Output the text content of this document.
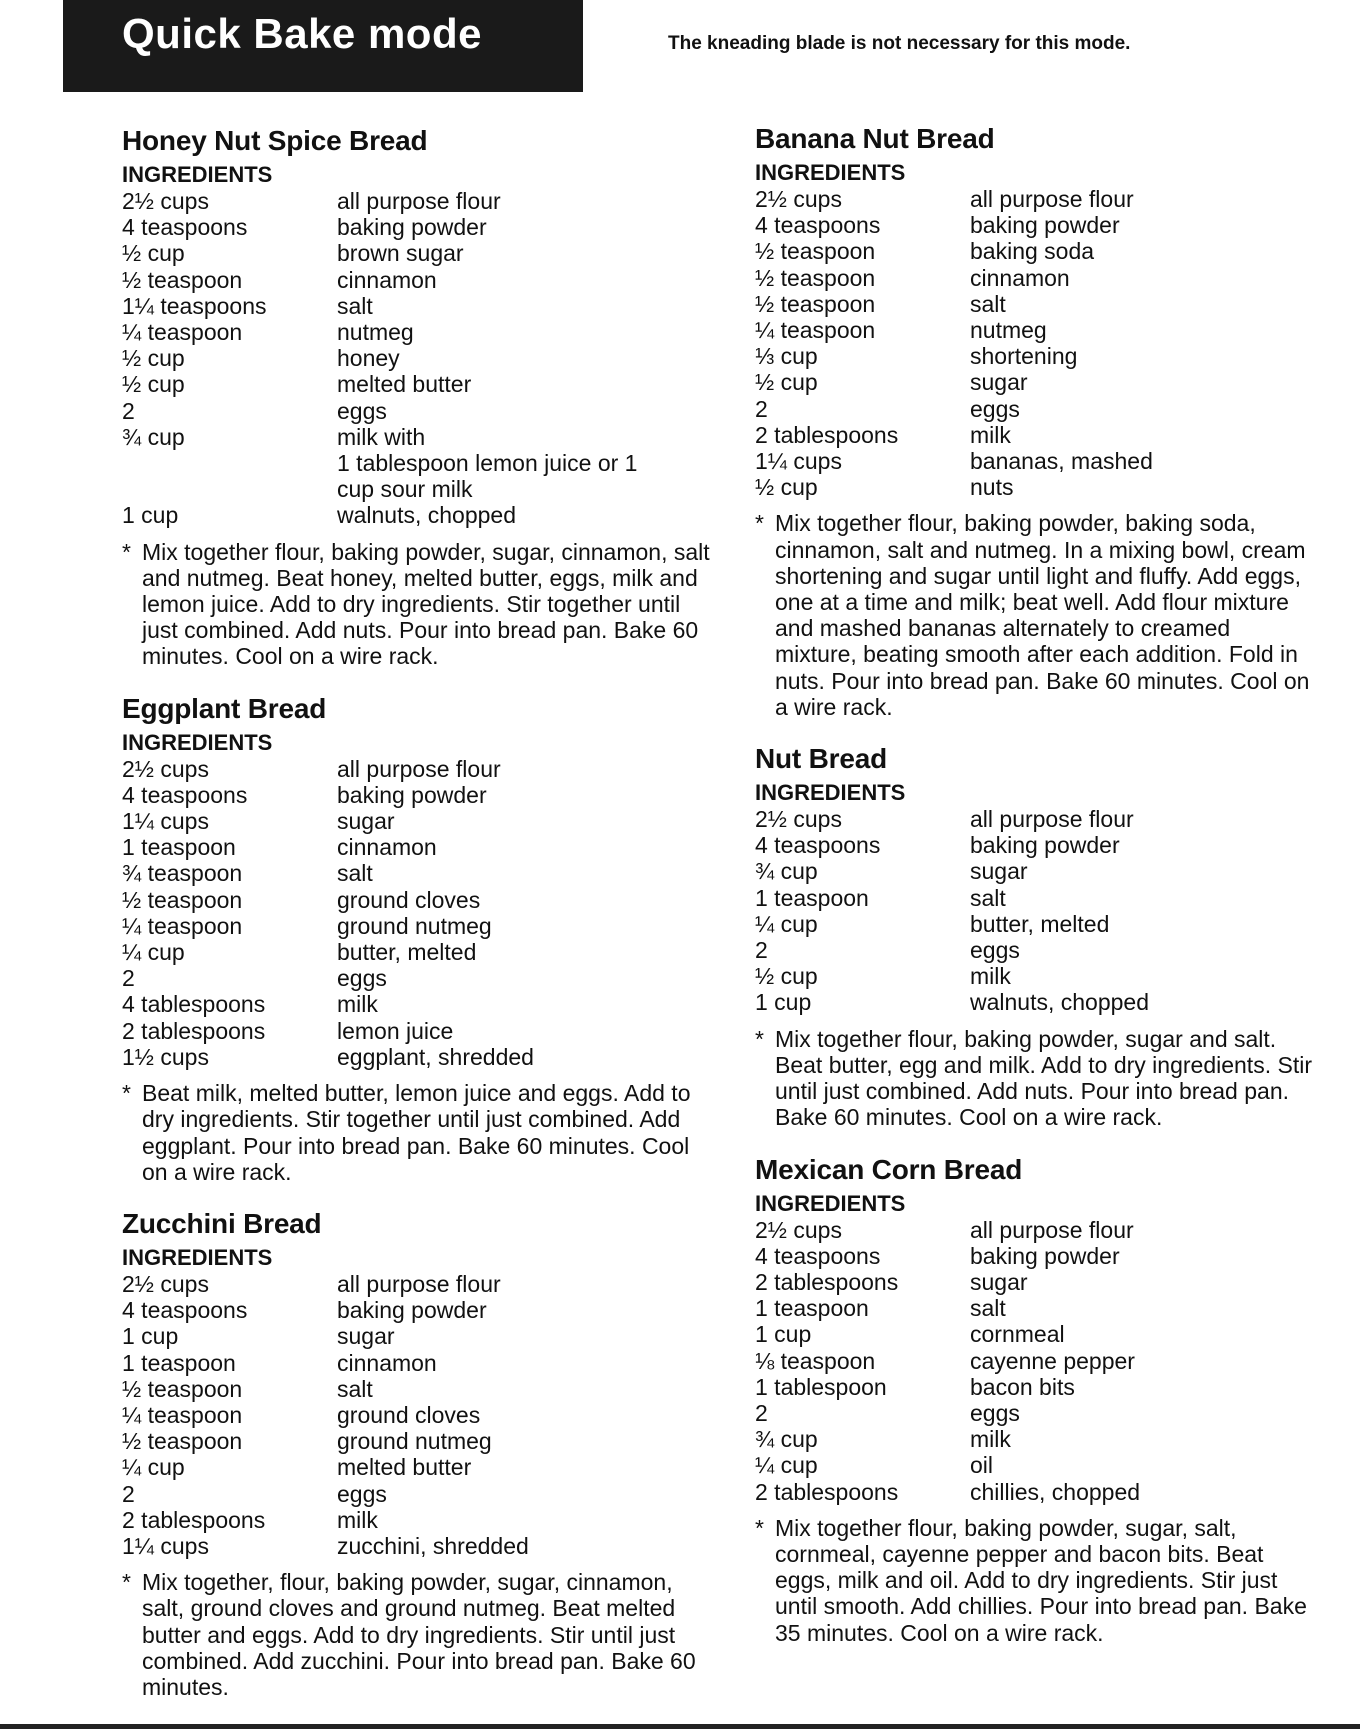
Quick Bake mode	The kneading blade is not necessary for this mode.
Honey Nut Spice Bread
INGREDIENTS
2½ cups	all purpose flour
4 teaspoons	baking powder
½ cup	brown sugar
½ teaspoon	cinnamon
1¼ teaspoons	salt
¼ teaspoon	nutmeg
½ cup	honey
½ cup	melted butter
2	eggs
¾ cup	milk with
1 tablespoon lemon juice or 1
cup sour milk
1 cup	walnuts, chopped
* Mix together flour, baking powder, sugar, cinnamon, salt and nutmeg. Beat honey, melted butter, eggs, milk and lemon juice. Add to dry ingredients. Stir together until just combined. Add nuts. Pour into bread pan. Bake 60 minutes. Cool on a wire rack.
Eggplant Bread
INGREDIENTS
2½ cups	all purpose flour
4 teaspoons	baking powder
1¼ cups	sugar
1 teaspoon	cinnamon
¾ teaspoon	salt
½ teaspoon	ground cloves
¼ teaspoon	ground nutmeg
¼ cup	butter, melted
2	eggs
4 tablespoons	milk
2 tablespoons	lemon juice
1½ cups	eggplant, shredded
* Beat milk, melted butter, lemon juice and eggs. Add to dry ingredients. Stir together until just combined. Add eggplant. Pour into bread pan. Bake 60 minutes. Cool on a wire rack.
Zucchini Bread
INGREDIENTS
2½ cups	all purpose flour
4 teaspoons	baking powder
1 cup	sugar
1 teaspoon	cinnamon
½ teaspoon	salt
¼ teaspoon	ground cloves
½ teaspoon	ground nutmeg
¼ cup	melted butter
2	eggs
2 tablespoons	milk
1¼ cups	zucchini, shredded
* Mix together, flour, baking powder, sugar, cinnamon, salt, ground cloves and ground nutmeg. Beat melted butter and eggs. Add to dry ingredients. Stir until just combined. Add zucchini. Pour into bread pan. Bake 60 minutes.
Banana Nut Bread
INGREDIENTS
2½ cups	all purpose flour
4 teaspoons	baking powder
½ teaspoon	baking soda
½ teaspoon	cinnamon
½ teaspoon	salt
¼ teaspoon	nutmeg
⅓ cup	shortening
½ cup	sugar
2	eggs
2 tablespoons	milk
1¼ cups	bananas, mashed
½ cup	nuts
* Mix together flour, baking powder, baking soda, cinnamon, salt and nutmeg. In a mixing bowl, cream shortening and sugar until light and fluffy. Add eggs, one at a time and milk; beat well. Add flour mixture and mashed bananas alternately to creamed mixture, beating smooth after each addition. Fold in nuts. Pour into bread pan. Bake 60 minutes. Cool on a wire rack.
Nut Bread
INGREDIENTS
2½ cups	all purpose flour
4 teaspoons	baking powder
¾ cup	sugar
1 teaspoon	salt
¼ cup	butter, melted
2	eggs
½ cup	milk
1 cup	walnuts, chopped
* Mix together flour, baking powder, sugar and salt. Beat butter, egg and milk. Add to dry ingredients. Stir until just combined. Add nuts. Pour into bread pan. Bake 60 minutes. Cool on a wire rack.
Mexican Corn Bread
INGREDIENTS
2½ cups	all purpose flour
4 teaspoons	baking powder
2 tablespoons	sugar
1 teaspoon	salt
1 cup	cornmeal
⅛ teaspoon	cayenne pepper
1 tablespoon	bacon bits
2	eggs
¾ cup	milk
¼ cup	oil
2 tablespoons	chillies, chopped
* Mix together flour, baking powder, sugar, salt, cornmeal, cayenne pepper and bacon bits. Beat eggs, milk and oil. Add to dry ingredients. Stir just until smooth. Add chillies. Pour into bread pan. Bake 35 minutes. Cool on a wire rack.
